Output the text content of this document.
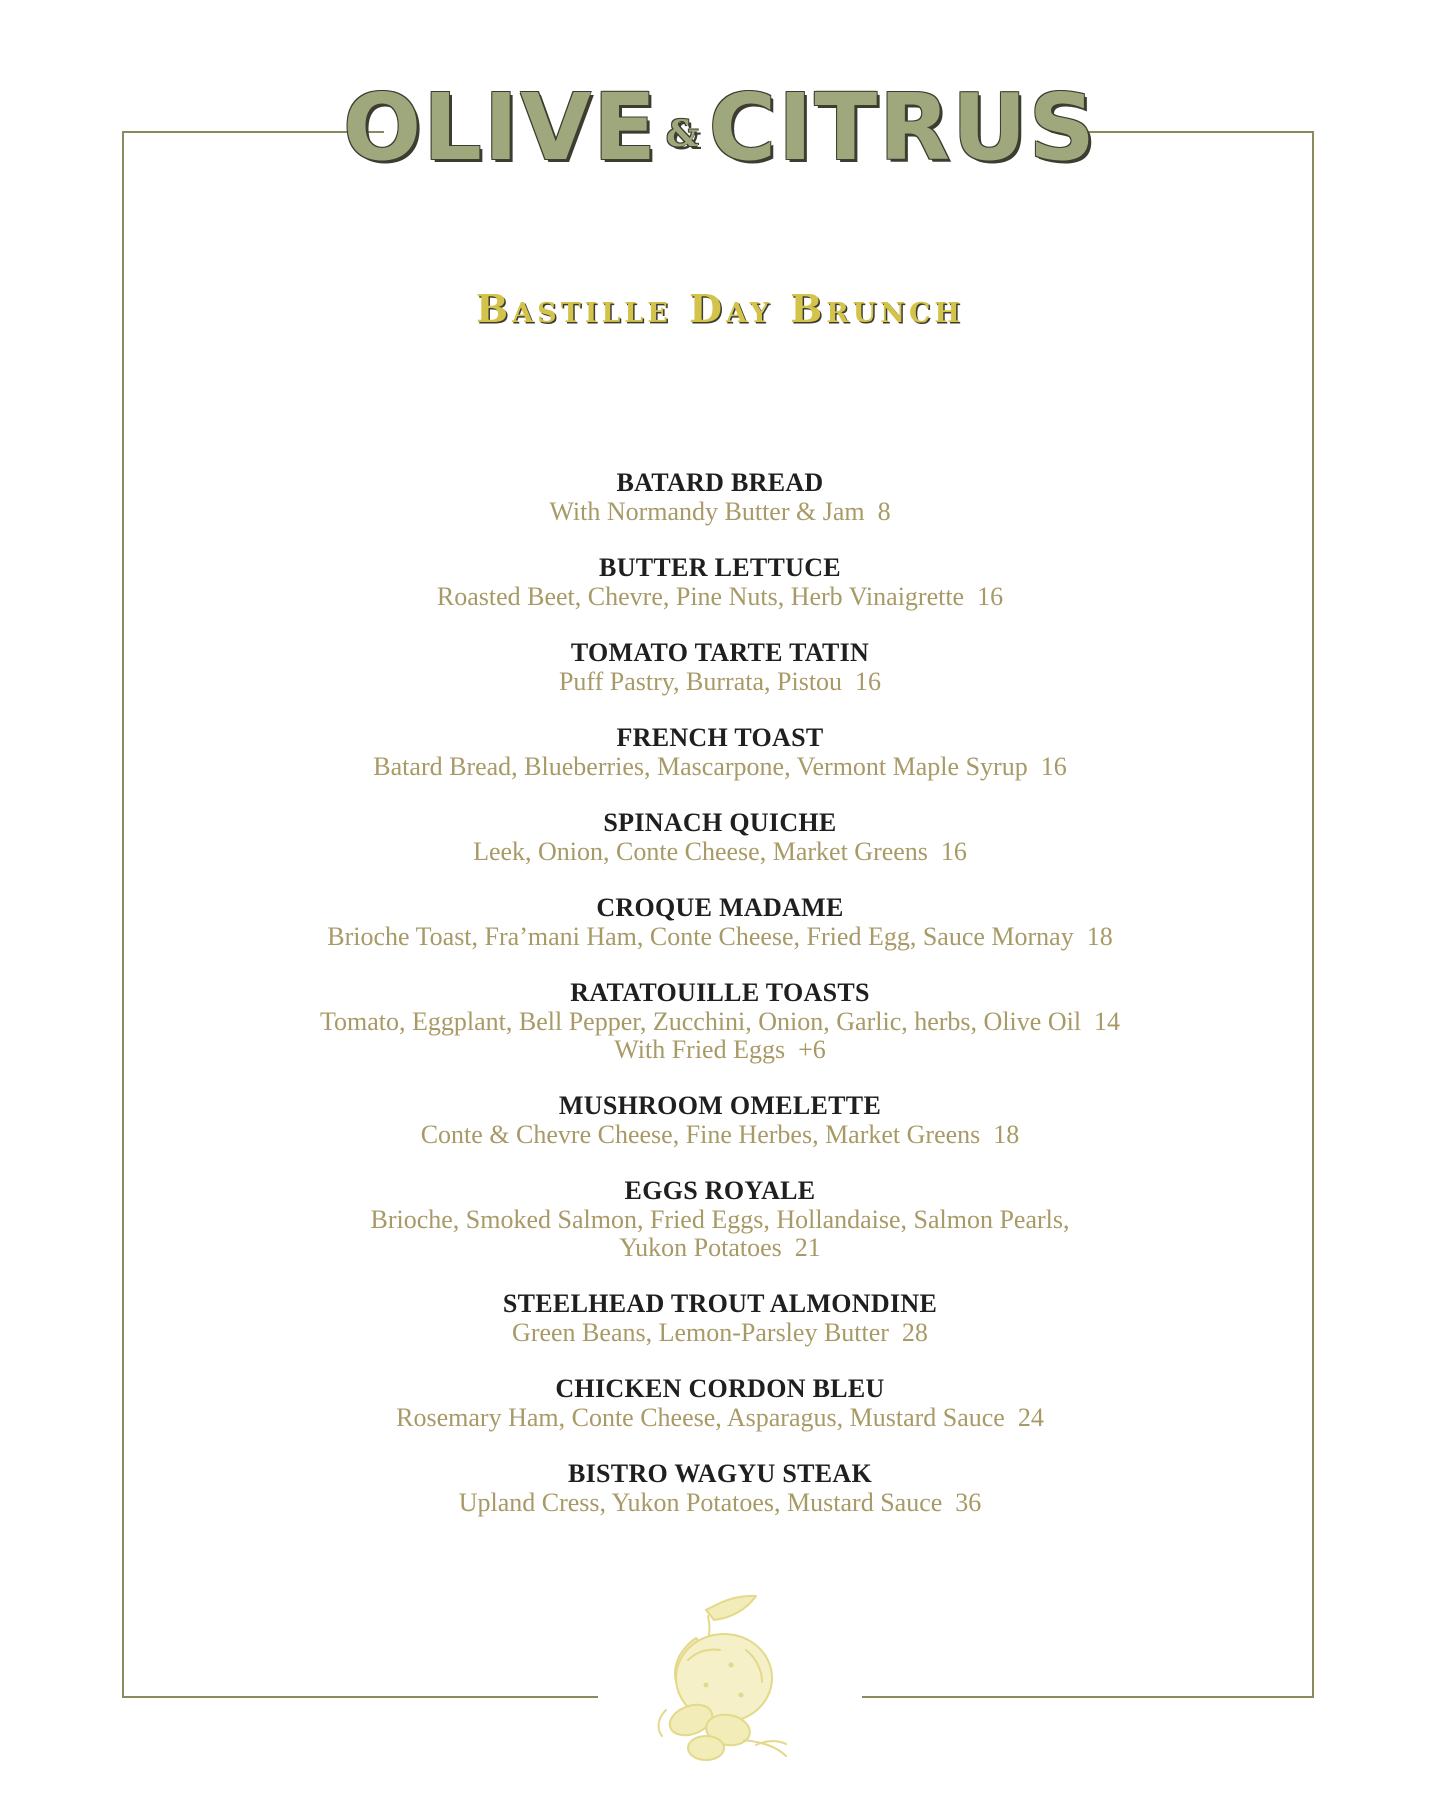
OLIVE & CITRUS
Bastille Day Brunch
BATARD BREAD
With Normandy Butter & Jam  8
BUTTER LETTUCE
Roasted Beet, Chevre, Pine Nuts, Herb Vinaigrette  16
TOMATO TARTE TATIN
Puff Pastry, Burrata, Pistou  16
FRENCH TOAST
Batard Bread, Blueberries, Mascarpone, Vermont Maple Syrup  16
SPINACH QUICHE
Leek, Onion, Conte Cheese, Market Greens  16
CROQUE MADAME
Brioche Toast, Fra’mani Ham, Conte Cheese, Fried Egg, Sauce Mornay  18
RATATOUILLE TOASTS
Tomato, Eggplant, Bell Pepper, Zucchini, Onion, Garlic, herbs, Olive Oil  14
With Fried Eggs  +6
MUSHROOM OMELETTE
Conte & Chevre Cheese, Fine Herbes, Market Greens  18
EGGS ROYALE
Brioche, Smoked Salmon, Fried Eggs, Hollandaise, Salmon Pearls,
Yukon Potatoes  21
STEELHEAD TROUT ALMONDINE
Green Beans, Lemon-Parsley Butter  28
CHICKEN CORDON BLEU
Rosemary Ham, Conte Cheese, Asparagus, Mustard Sauce  24
BISTRO WAGYU STEAK
Upland Cress, Yukon Potatoes, Mustard Sauce  36
